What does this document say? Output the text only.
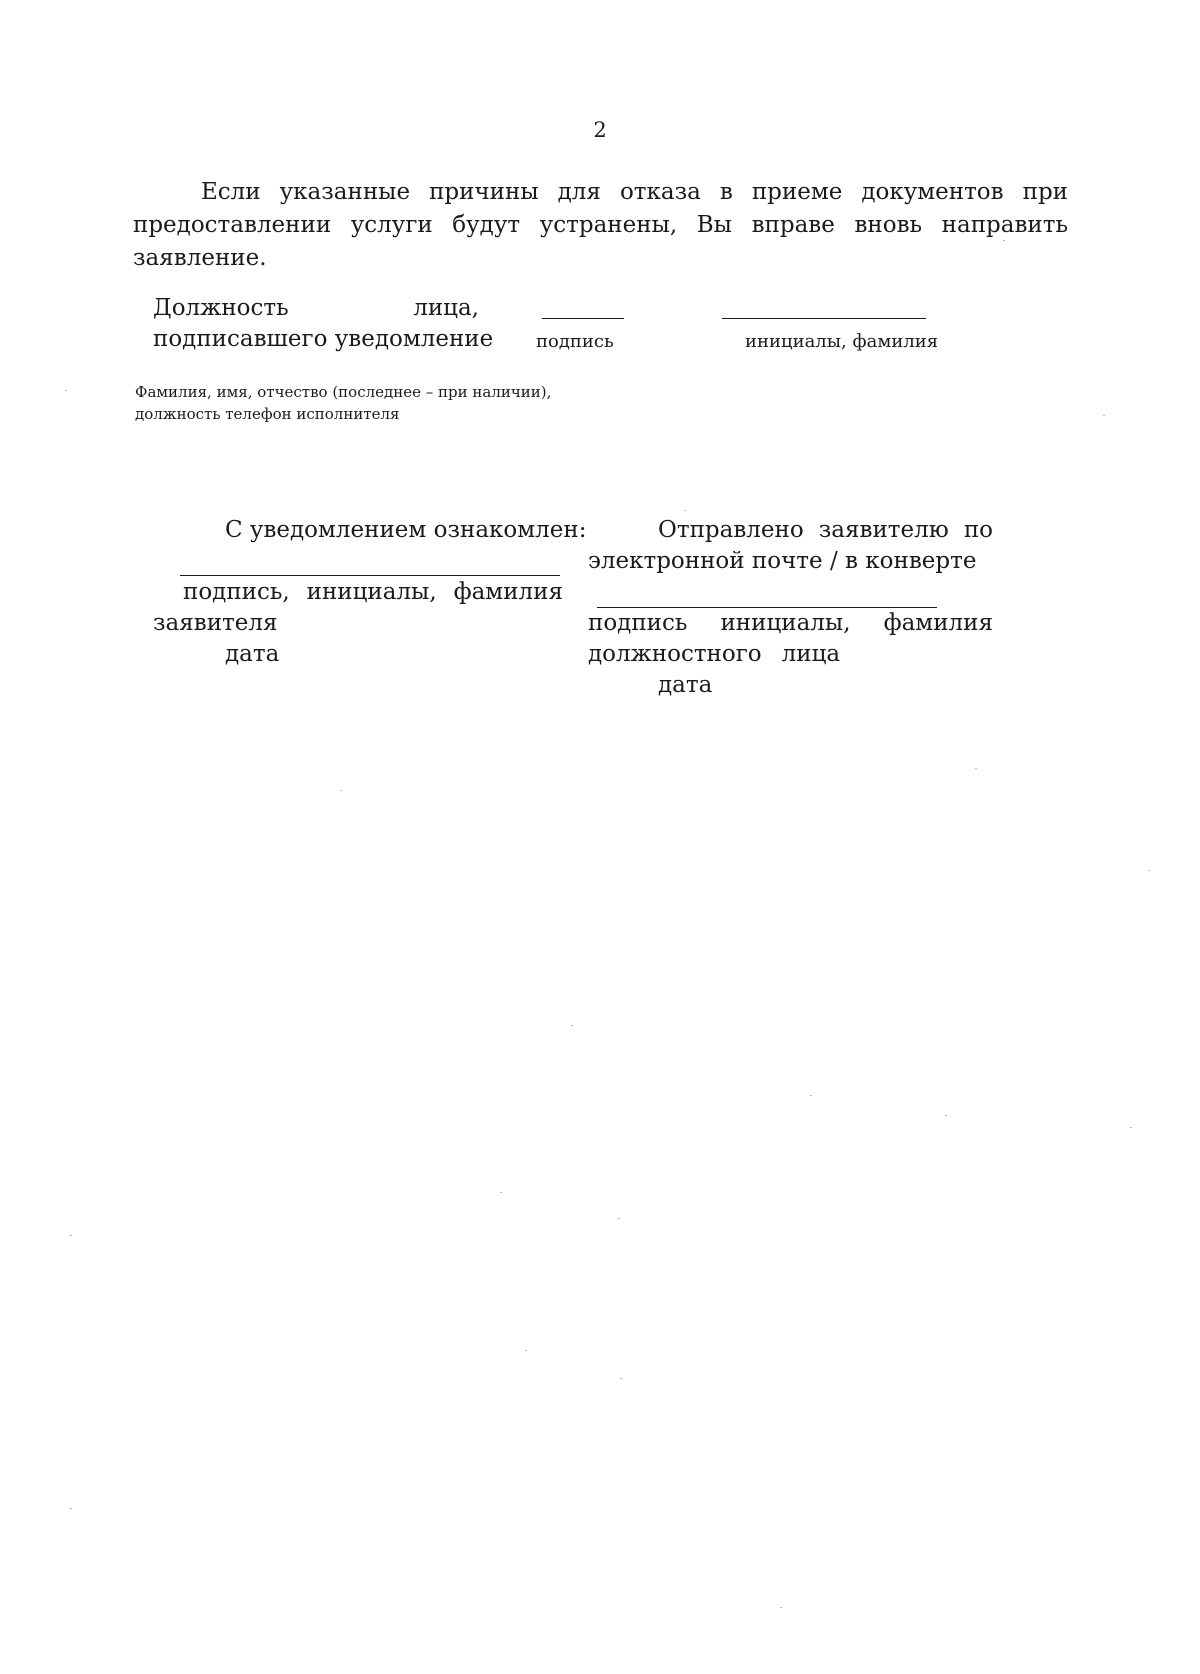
2
Если указанные причины для отказа в приеме документов при предоставлении услуги будут устранены, Вы вправе вновь направить заявление.
Должность	лица,
подписавшего уведомление подпись	инициалы, фамилия
Фамилия, имя, отчество (последнее – при наличии),
должность телефон исполнителя
С уведомлением ознакомлен:
подпись, инициалы, фамилия
заявителя
дата
Отправлено заявителю по
электронной почте / в конверте
подпись инициалы, фамилия
должностного лица
дата
